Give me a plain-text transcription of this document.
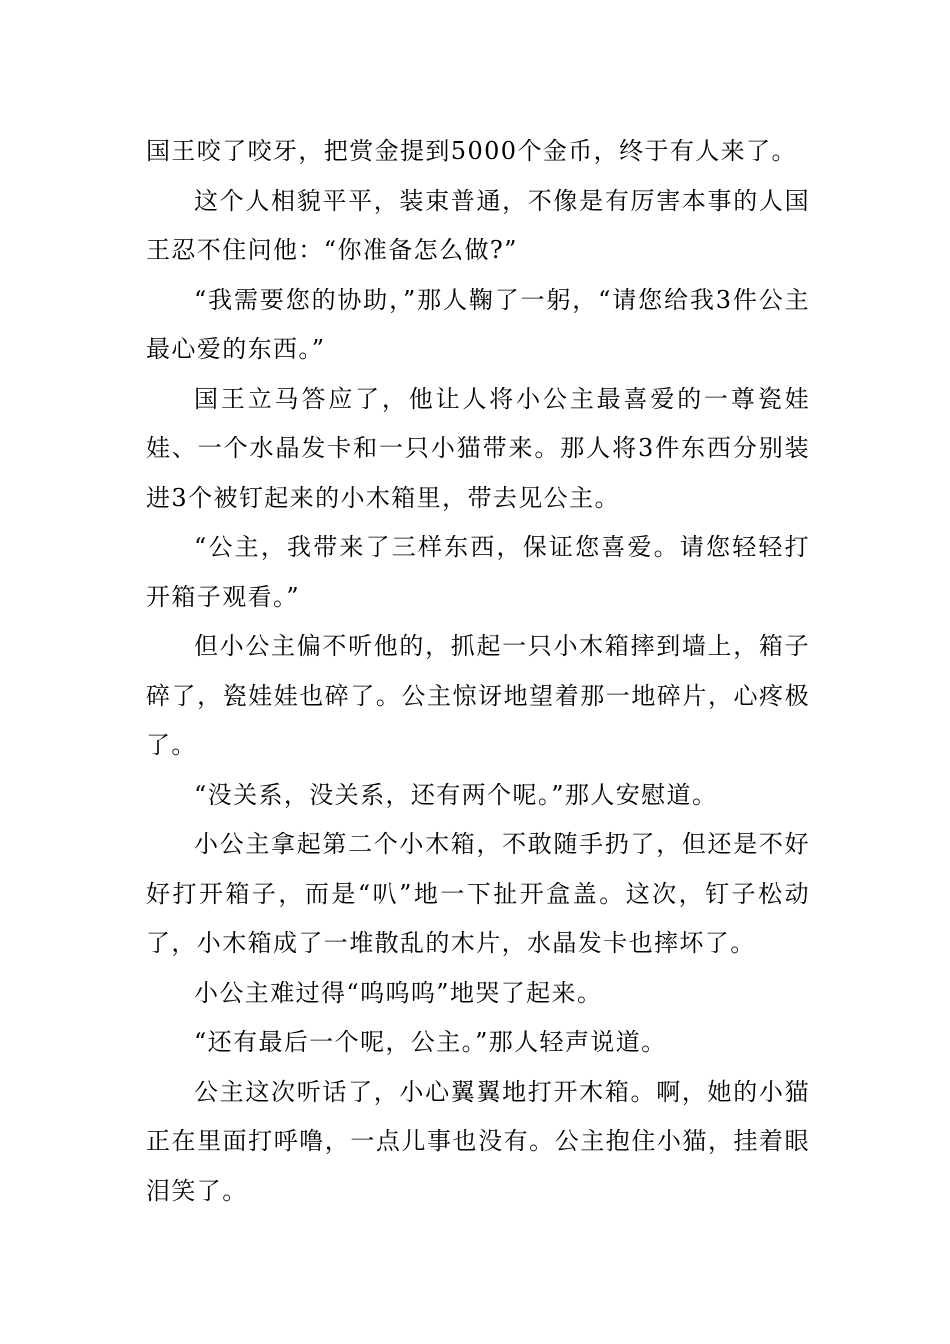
国王咬了咬牙，把赏金提到5000个金币，终于有人来了。

这个人相貌平平，装束普通，不像是有厉害本事的人国王忍不住问他：“你准备怎么做?”

“我需要您的协助，”那人鞠了一躬，“请您给我3件公主最心爱的东西。”

国王立马答应了，他让人将小公主最喜爱的一尊瓷娃娃、一个水晶发卡和一只小猫带来。那人将3件东西分别装进3个被钉起来的小木箱里，带去见公主。

“公主，我带来了三样东西，保证您喜爱。请您轻轻打开箱子观看。”

但小公主偏不听他的，抓起一只小木箱摔到墙上，箱子碎了，瓷娃娃也碎了。公主惊讶地望着那一地碎片，心疼极了。

“没关系，没关系，还有两个呢。”那人安慰道。

小公主拿起第二个小木箱，不敢随手扔了，但还是不好好打开箱子，而是“叭”地一下扯开盒盖。这次，钉子松动了，小木箱成了一堆散乱的木片，水晶发卡也摔坏了。

小公主难过得“呜呜呜”地哭了起来。

“还有最后一个呢，公主。”那人轻声说道。

公主这次听话了，小心翼翼地打开木箱。啊，她的小猫正在里面打呼噜，一点儿事也没有。公主抱住小猫，挂着眼泪笑了。
